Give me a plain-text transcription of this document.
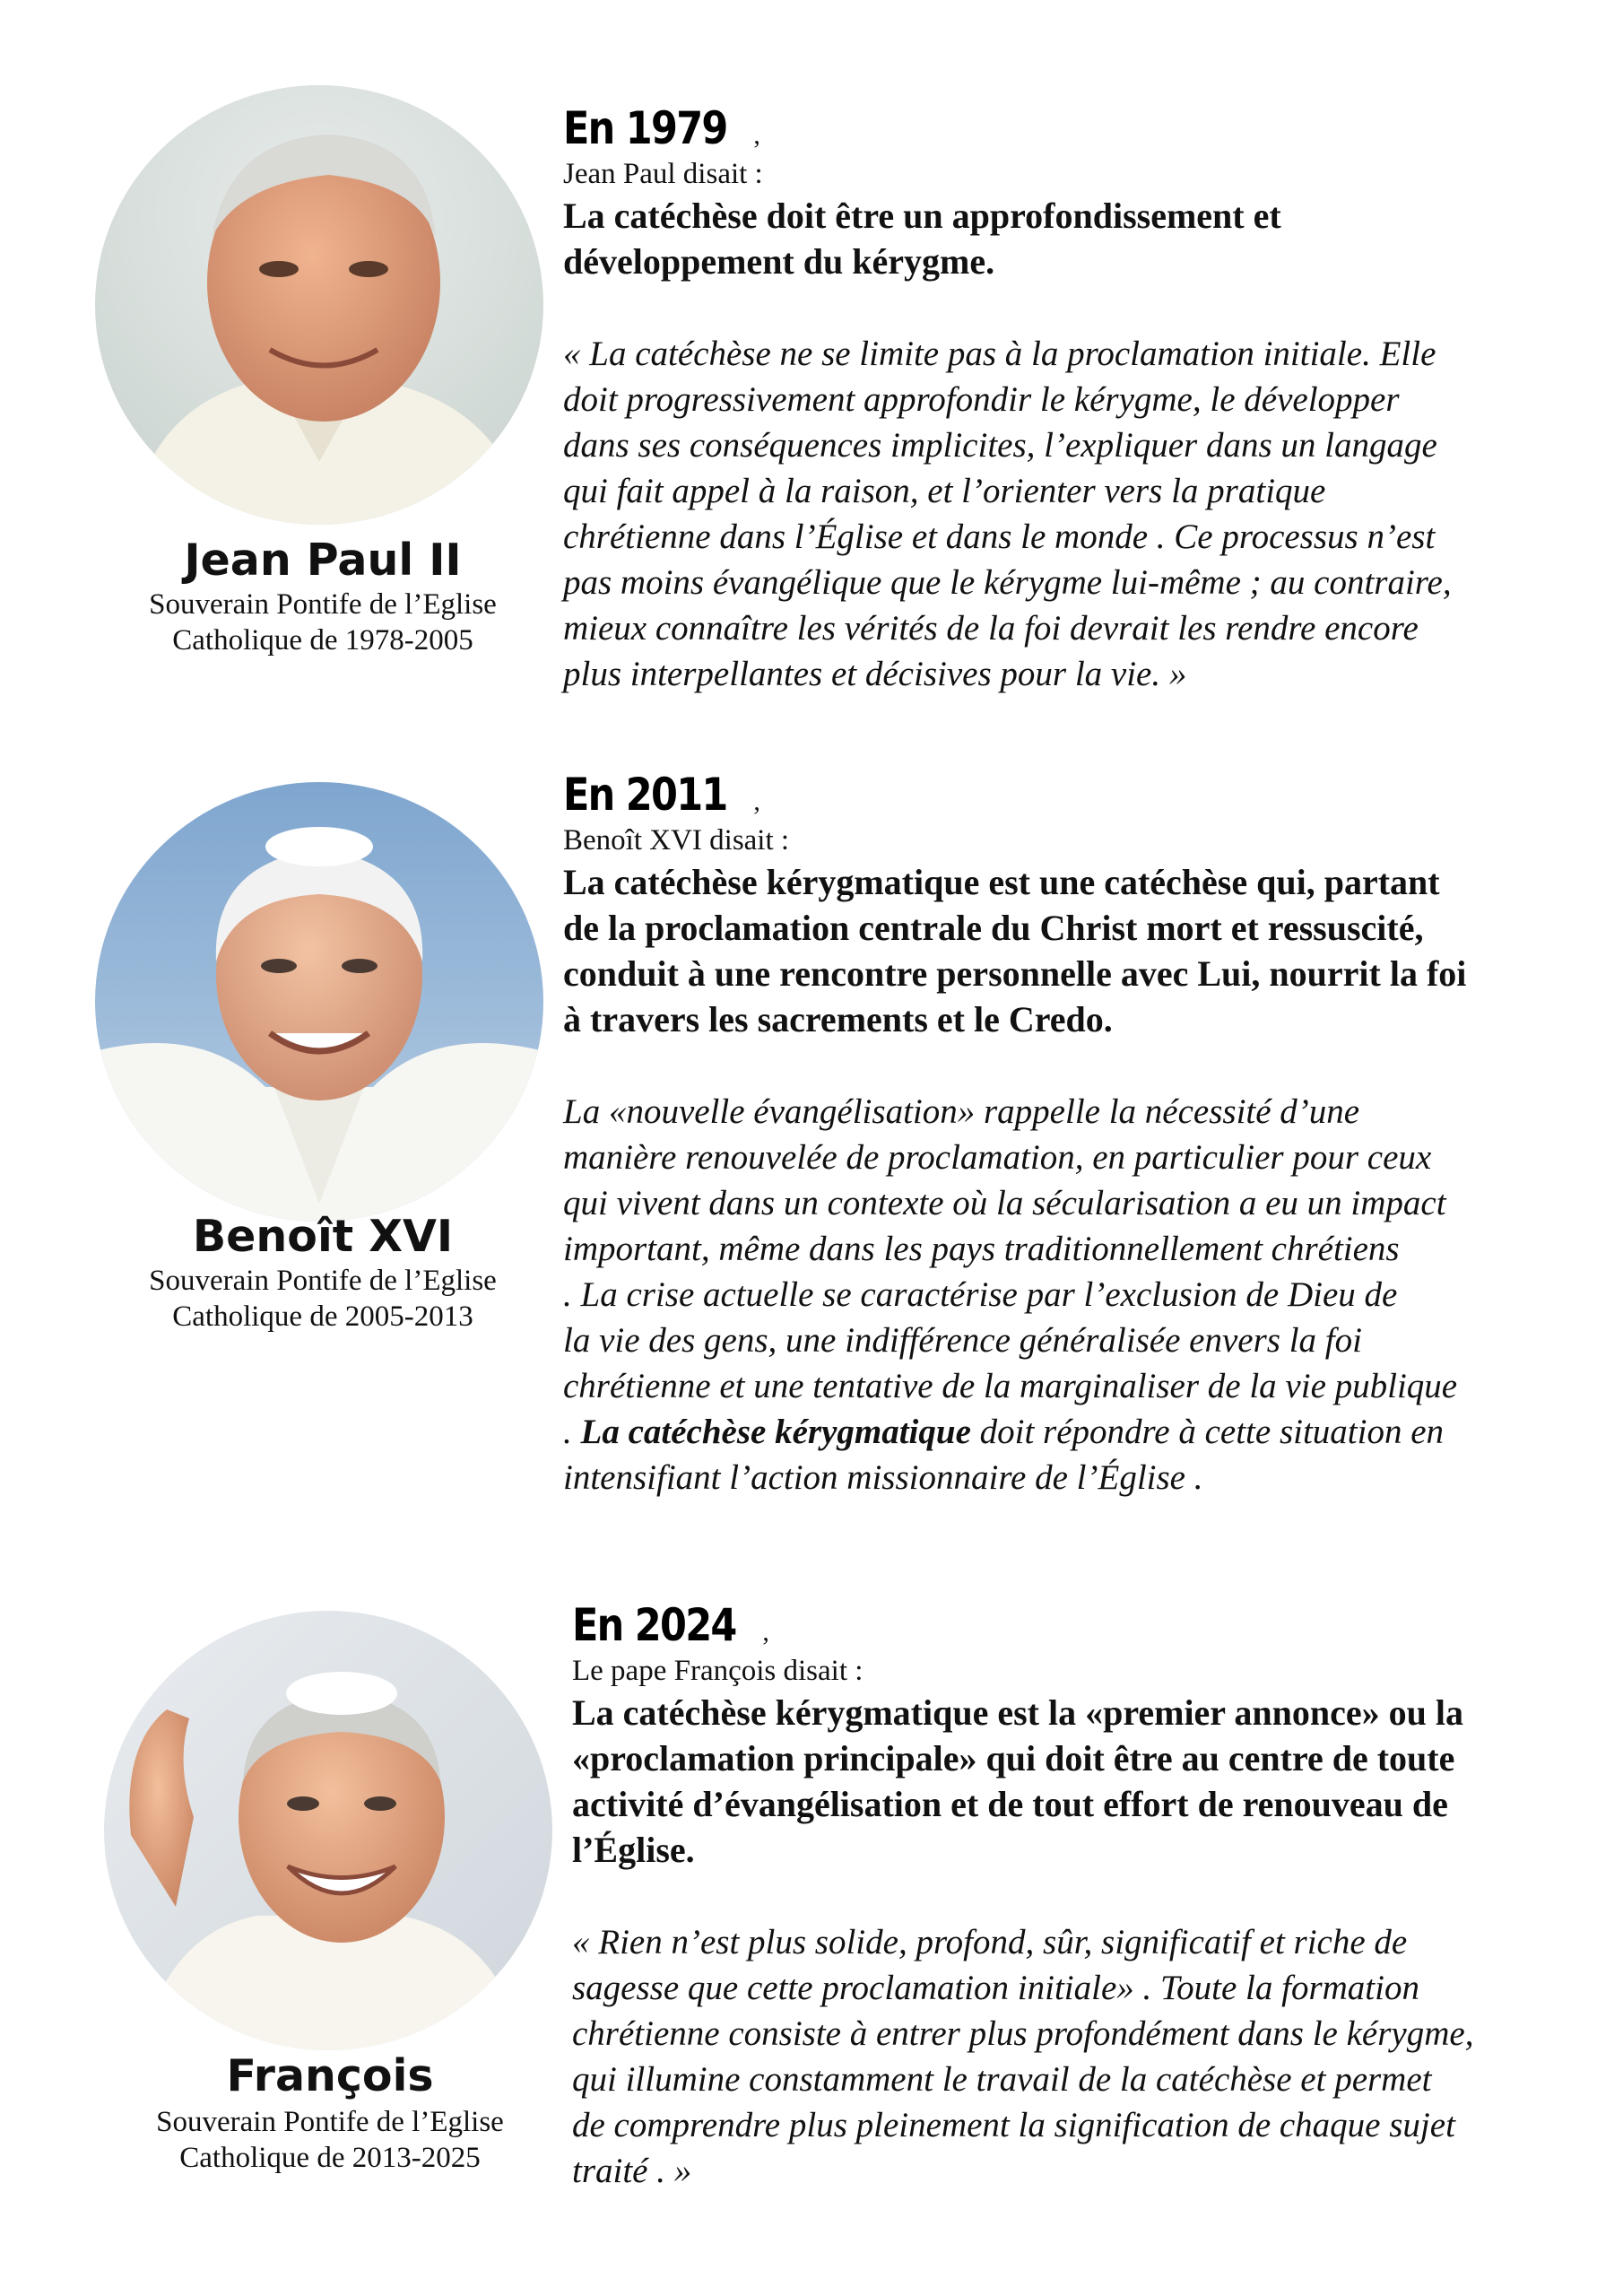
Jean Paul II
Souverain Pontife de l’Eglise
Catholique de 1978-2005
En 1979 ,
Jean Paul disait :
La catéchèse doit être un approfondissement et
développement du kérygme.
« La catéchèse ne se limite pas à la proclamation initiale. Elle
doit progressivement approfondir le kérygme, le développer
dans ses conséquences implicites, l’expliquer dans un langage
qui fait appel à la raison, et l’orienter vers la pratique
chrétienne dans l’Église et dans le monde . Ce processus n’est
pas moins évangélique que le kérygme lui-même ; au contraire,
mieux connaître les vérités de la foi devrait les rendre encore
plus interpellantes et décisives pour la vie. »
Benoît XVI
Souverain Pontife de l’Eglise
Catholique de 2005-2013
En 2011 ,
Benoît XVI disait :
La catéchèse kérygmatique est une catéchèse qui, partant
de la proclamation centrale du Christ mort et ressuscité,
conduit à une rencontre personnelle avec Lui, nourrit la foi
à travers les sacrements et le Credo.
La «nouvelle évangélisation» rappelle la nécessité d’une
manière renouvelée de proclamation, en particulier pour ceux
qui vivent dans un contexte où la sécularisation a eu un impact
important, même dans les pays traditionnellement chrétiens
. La crise actuelle se caractérise par l’exclusion de Dieu de
la vie des gens, une indifférence généralisée envers la foi
chrétienne et une tentative de la marginaliser de la vie publique
. La catéchèse kérygmatique doit répondre à cette situation en
intensifiant l’action missionnaire de l’Église .
François
Souverain Pontife de l’Eglise
Catholique de 2013-2025
En 2024 ,
Le pape François disait :
La catéchèse kérygmatique est la «premier annonce» ou la
«proclamation principale» qui doit être au centre de toute
activité d’évangélisation et de tout effort de renouveau de
l’Église.
« Rien n’est plus solide, profond, sûr, significatif et riche de
sagesse que cette proclamation initiale» . Toute la formation
chrétienne consiste à entrer plus profondément dans le kérygme,
qui illumine constamment le travail de la catéchèse et permet
de comprendre plus pleinement la signification de chaque sujet
traité . »
